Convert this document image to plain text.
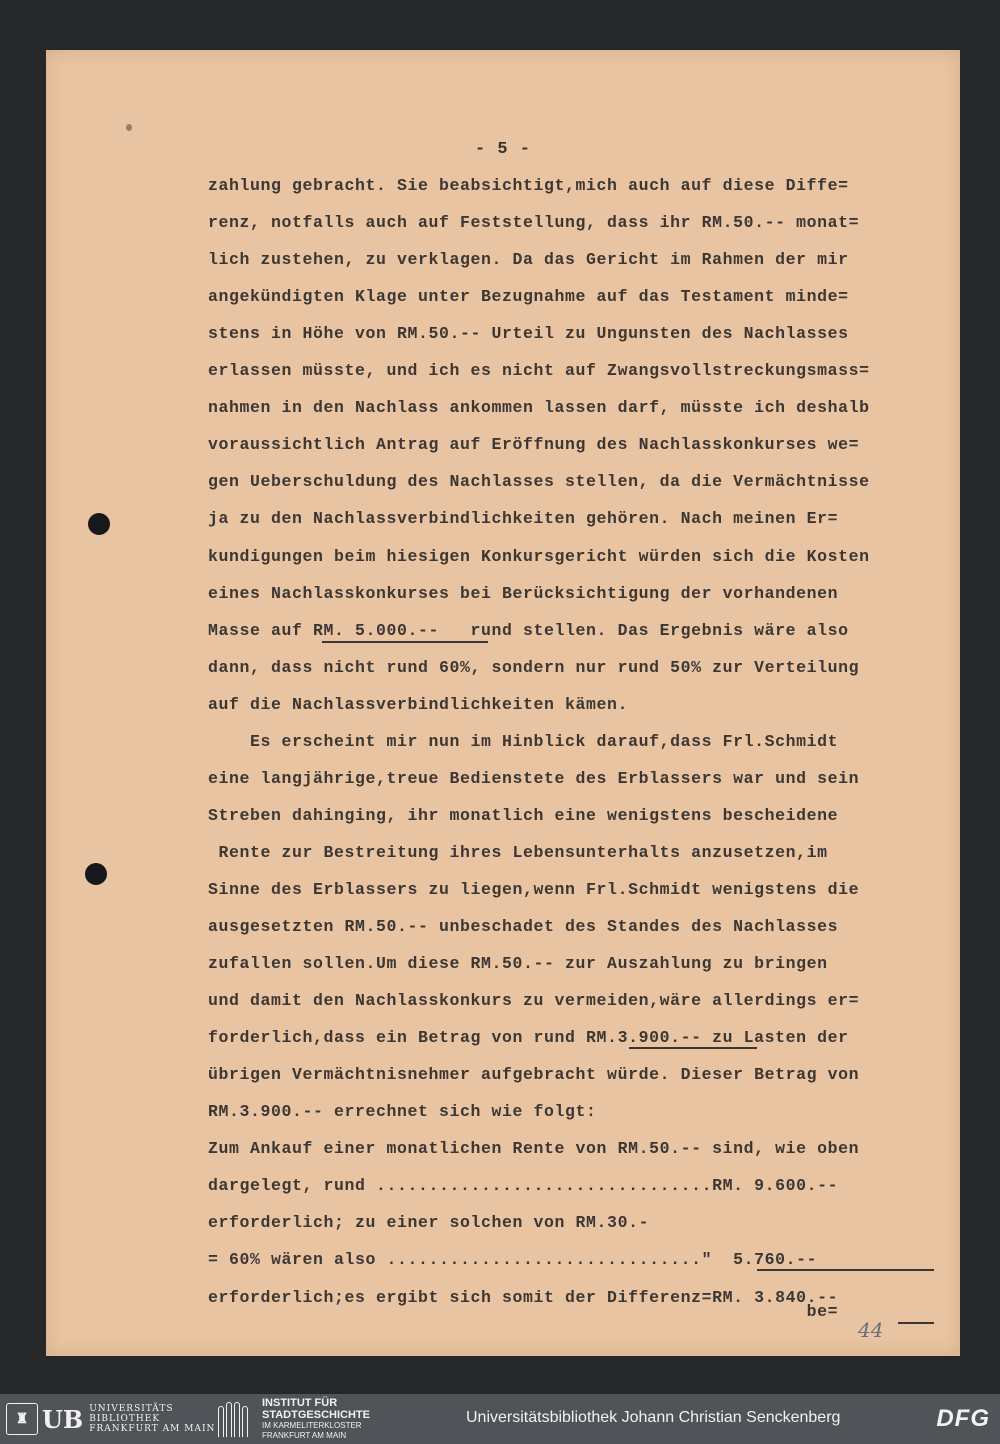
- 5 -
zahlung gebracht. Sie beabsichtigt,mich auch auf diese Diffe=
renz, notfalls auch auf Feststellung, dass ihr RM.50.-- monat=
lich zustehen, zu verklagen. Da das Gericht im Rahmen der mir
angekündigten Klage unter Bezugnahme auf das Testament minde=
stens in Höhe von RM.50.-- Urteil zu Ungunsten des Nachlasses
erlassen müsste, und ich es nicht auf Zwangsvollstreckungsmass=
nahmen in den Nachlass ankommen lassen darf, müsste ich deshalb
voraussichtlich Antrag auf Eröffnung des Nachlasskonkurses we=
gen Ueberschuldung des Nachlasses stellen, da die Vermächtnisse
ja zu den Nachlassverbindlichkeiten gehören. Nach meinen Er=
kundigungen beim hiesigen Konkursgericht würden sich die Kosten
eines Nachlasskonkurses bei Berücksichtigung der vorhandenen
Masse auf RM. 5.000.--   rund stellen. Das Ergebnis wäre also
dann, dass nicht rund 60%, sondern nur rund 50% zur Verteilung
auf die Nachlassverbindlichkeiten kämen.
Es erscheint mir nun im Hinblick darauf,dass Frl.Schmidt
eine langjährige,treue Bedienstete des Erblassers war und sein
Streben dahinging, ihr monatlich eine wenigstens bescheidene
Rente zur Bestreitung ihres Lebensunterhalts anzusetzen,im
Sinne des Erblassers zu liegen,wenn Frl.Schmidt wenigstens die
ausgesetzten RM.50.-- unbeschadet des Standes des Nachlasses
zufallen sollen.Um diese RM.50.-- zur Auszahlung zu bringen
und damit den Nachlasskonkurs zu vermeiden,wäre allerdings er=
forderlich,dass ein Betrag von rund RM.3.900.-- zu Lasten der
übrigen Vermächtnisnehmer aufgebracht würde. Dieser Betrag von
RM.3.900.-- errechnet sich wie folgt:
Zum Ankauf einer monatlichen Rente von RM.50.-- sind, wie oben
dargelegt, rund ................................RM. 9.600.--
erforderlich; zu einer solchen von RM.30.-
= 60% wären also .............................."  5.760.--
erforderlich;es ergibt sich somit der Differenz=RM. 3.840.--
be=
44
♜ UB UNIVERSITÄTS
BIBLIOTHEK
FRANKFURT AM MAIN
INSTITUT FÜR
STADTGESCHICHTE
IM KARMELITERKLOSTER
FRANKFURT AM MAIN
Universitätsbibliothek Johann Christian Senckenberg	DFG
